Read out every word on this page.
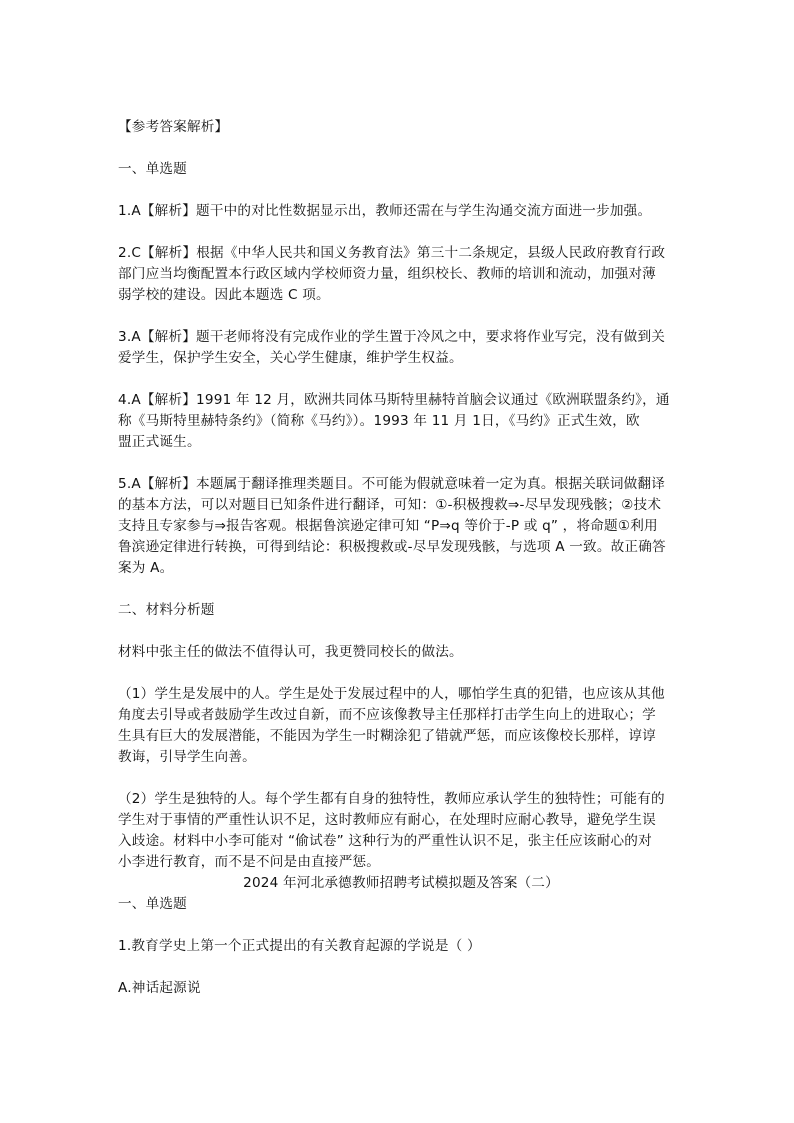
【参考答案解析】
一、单选题
1.A【解析】题干中的对比性数据显示出，教师还需在与学生沟通交流方面进一步加强。
2.C【解析】根据《中华人民共和国义务教育法》第三十二条规定，县级人民政府教育行政
部门应当均衡配置本行政区域内学校师资力量，组织校长、教师的培训和流动，加强对薄
弱学校的建设。因此本题选 C 项。
3.A【解析】题干老师将没有完成作业的学生置于冷风之中，要求将作业写完，没有做到关
爱学生，保护学生安全，关心学生健康，维护学生权益。
4.A【解析】1991 年 12 月，欧洲共同体马斯特里赫特首脑会议通过《欧洲联盟条约》，通
称《马斯特里赫特条约》（简称《马约》）。1993 年 11 月 1日，《马约》正式生效，欧
盟正式诞生。
5.A【解析】本题属于翻译推理类题目。不可能为假就意味着一定为真。根据关联词做翻译
的基本方法，可以对题目已知条件进行翻译，可知：①-积极搜救⇒-尽早发现残骸；②技术
支持且专家参与⇒报告客观。根据鲁滨逊定律可知 “P⇒q 等价于-P 或 q” ，将命题①利用
鲁滨逊定律进行转换，可得到结论：积极搜救或-尽早发现残骸，与选项 A 一致。故正确答
案为 A。
二、材料分析题
材料中张主任的做法不值得认可，我更赞同校长的做法。
（1）学生是发展中的人。学生是处于发展过程中的人，哪怕学生真的犯错，也应该从其他
角度去引导或者鼓励学生改过自新，而不应该像教导主任那样打击学生向上的进取心；学
生具有巨大的发展潜能，不能因为学生一时糊涂犯了错就严惩，而应该像校长那样，谆谆
教诲，引导学生向善。
（2）学生是独特的人。每个学生都有自身的独特性，教师应承认学生的独特性；可能有的
学生对于事情的严重性认识不足，这时教师应有耐心，在处理时应耐心教导，避免学生误
入歧途。材料中小李可能对 “偷试卷” 这种行为的严重性认识不足，张主任应该耐心的对
小李进行教育，而不是不问是由直接严惩。
2024 年河北承德教师招聘考试模拟题及答案（二）
一、单选题
1.教育学史上第一个正式提出的有关教育起源的学说是（ ）
A.神话起源说
